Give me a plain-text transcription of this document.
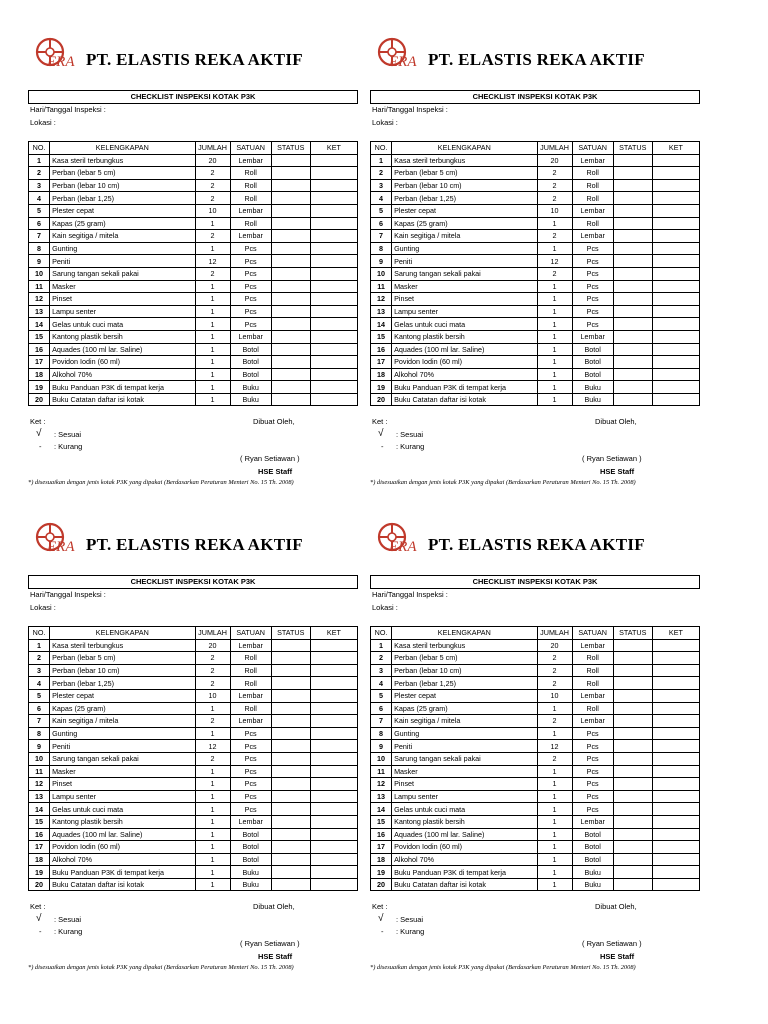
ERA PT. ELASTIS REKA AKTIF
CHECKLIST INSPEKSI KOTAK P3K
Hari/Tanggal Inspeksi :
Lokasi :
NO.	KELENGKAPAN	JUMLAH	SATUAN	STATUS	KET
1	Kasa steril terbungkus	20	Lembar		
2	Perban (lebar 5 cm)	2	Roll		
3	Perban (lebar 10 cm)	2	Roll		
4	Perban (lebar 1,25)	2	Roll		
5	Plester cepat	10	Lembar		
6	Kapas (25 gram)	1	Roll		
7	Kain segitiga / mitela	2	Lembar		
8	Gunting	1	Pcs		
9	Peniti	12	Pcs		
10	Sarung tangan sekali pakai	2	Pcs		
11	Masker	1	Pcs		
12	Pinset	1	Pcs		
13	Lampu senter	1	Pcs		
14	Gelas untuk cuci mata	1	Pcs		
15	Kantong plastik bersih	1	Lembar		
16	Aquades (100 ml lar. Saline)	1	Botol		
17	Povidon Iodin (60 ml)	1	Botol		
18	Alkohol 70%	1	Botol		
19	Buku Panduan P3K di tempat kerja	1	Buku		
20	Buku Catatan daftar isi kotak	1	Buku		
Ket :	Dibuat Oleh,
√ : Sesuai
- : Kurang
( Ryan Setiawan )
HSE Staff
*) disesuaikan dengan jenis kotak P3K yang dipakai (Berdasarkan Peraturan Menteri No. 15 Th. 2008)
ERA PT. ELASTIS REKA AKTIF
CHECKLIST INSPEKSI KOTAK P3K
Hari/Tanggal Inspeksi :
Lokasi :
NO.	KELENGKAPAN	JUMLAH	SATUAN	STATUS	KET
1	Kasa steril terbungkus	20	Lembar		
2	Perban (lebar 5 cm)	2	Roll		
3	Perban (lebar 10 cm)	2	Roll		
4	Perban (lebar 1,25)	2	Roll		
5	Plester cepat	10	Lembar		
6	Kapas (25 gram)	1	Roll		
7	Kain segitiga / mitela	2	Lembar		
8	Gunting	1	Pcs		
9	Peniti	12	Pcs		
10	Sarung tangan sekali pakai	2	Pcs		
11	Masker	1	Pcs		
12	Pinset	1	Pcs		
13	Lampu senter	1	Pcs		
14	Gelas untuk cuci mata	1	Pcs		
15	Kantong plastik bersih	1	Lembar		
16	Aquades (100 ml lar. Saline)	1	Botol		
17	Povidon Iodin (60 ml)	1	Botol		
18	Alkohol 70%	1	Botol		
19	Buku Panduan P3K di tempat kerja	1	Buku		
20	Buku Catatan daftar isi kotak	1	Buku		
Ket :	Dibuat Oleh,
√ : Sesuai
- : Kurang
( Ryan Setiawan )
HSE Staff
*) disesuaikan dengan jenis kotak P3K yang dipakai (Berdasarkan Peraturan Menteri No. 15 Th. 2008)
ERA PT. ELASTIS REKA AKTIF
CHECKLIST INSPEKSI KOTAK P3K
Hari/Tanggal Inspeksi :
Lokasi :
NO.	KELENGKAPAN	JUMLAH	SATUAN	STATUS	KET
1	Kasa steril terbungkus	20	Lembar		
2	Perban (lebar 5 cm)	2	Roll		
3	Perban (lebar 10 cm)	2	Roll		
4	Perban (lebar 1,25)	2	Roll		
5	Plester cepat	10	Lembar		
6	Kapas (25 gram)	1	Roll		
7	Kain segitiga / mitela	2	Lembar		
8	Gunting	1	Pcs		
9	Peniti	12	Pcs		
10	Sarung tangan sekali pakai	2	Pcs		
11	Masker	1	Pcs		
12	Pinset	1	Pcs		
13	Lampu senter	1	Pcs		
14	Gelas untuk cuci mata	1	Pcs		
15	Kantong plastik bersih	1	Lembar		
16	Aquades (100 ml lar. Saline)	1	Botol		
17	Povidon Iodin (60 ml)	1	Botol		
18	Alkohol 70%	1	Botol		
19	Buku Panduan P3K di tempat kerja	1	Buku		
20	Buku Catatan daftar isi kotak	1	Buku		
Ket :	Dibuat Oleh,
√ : Sesuai
- : Kurang
( Ryan Setiawan )
HSE Staff
*) disesuaikan dengan jenis kotak P3K yang dipakai (Berdasarkan Peraturan Menteri No. 15 Th. 2008)
ERA PT. ELASTIS REKA AKTIF
CHECKLIST INSPEKSI KOTAK P3K
Hari/Tanggal Inspeksi :
Lokasi :
NO.	KELENGKAPAN	JUMLAH	SATUAN	STATUS	KET
1	Kasa steril terbungkus	20	Lembar		
2	Perban (lebar 5 cm)	2	Roll		
3	Perban (lebar 10 cm)	2	Roll		
4	Perban (lebar 1,25)	2	Roll		
5	Plester cepat	10	Lembar		
6	Kapas (25 gram)	1	Roll		
7	Kain segitiga / mitela	2	Lembar		
8	Gunting	1	Pcs		
9	Peniti	12	Pcs		
10	Sarung tangan sekali pakai	2	Pcs		
11	Masker	1	Pcs		
12	Pinset	1	Pcs		
13	Lampu senter	1	Pcs		
14	Gelas untuk cuci mata	1	Pcs		
15	Kantong plastik bersih	1	Lembar		
16	Aquades (100 ml lar. Saline)	1	Botol		
17	Povidon Iodin (60 ml)	1	Botol		
18	Alkohol 70%	1	Botol		
19	Buku Panduan P3K di tempat kerja	1	Buku		
20	Buku Catatan daftar isi kotak	1	Buku		
Ket :	Dibuat Oleh,
√ : Sesuai
- : Kurang
( Ryan Setiawan )
HSE Staff
*) disesuaikan dengan jenis kotak P3K yang dipakai (Berdasarkan Peraturan Menteri No. 15 Th. 2008)
